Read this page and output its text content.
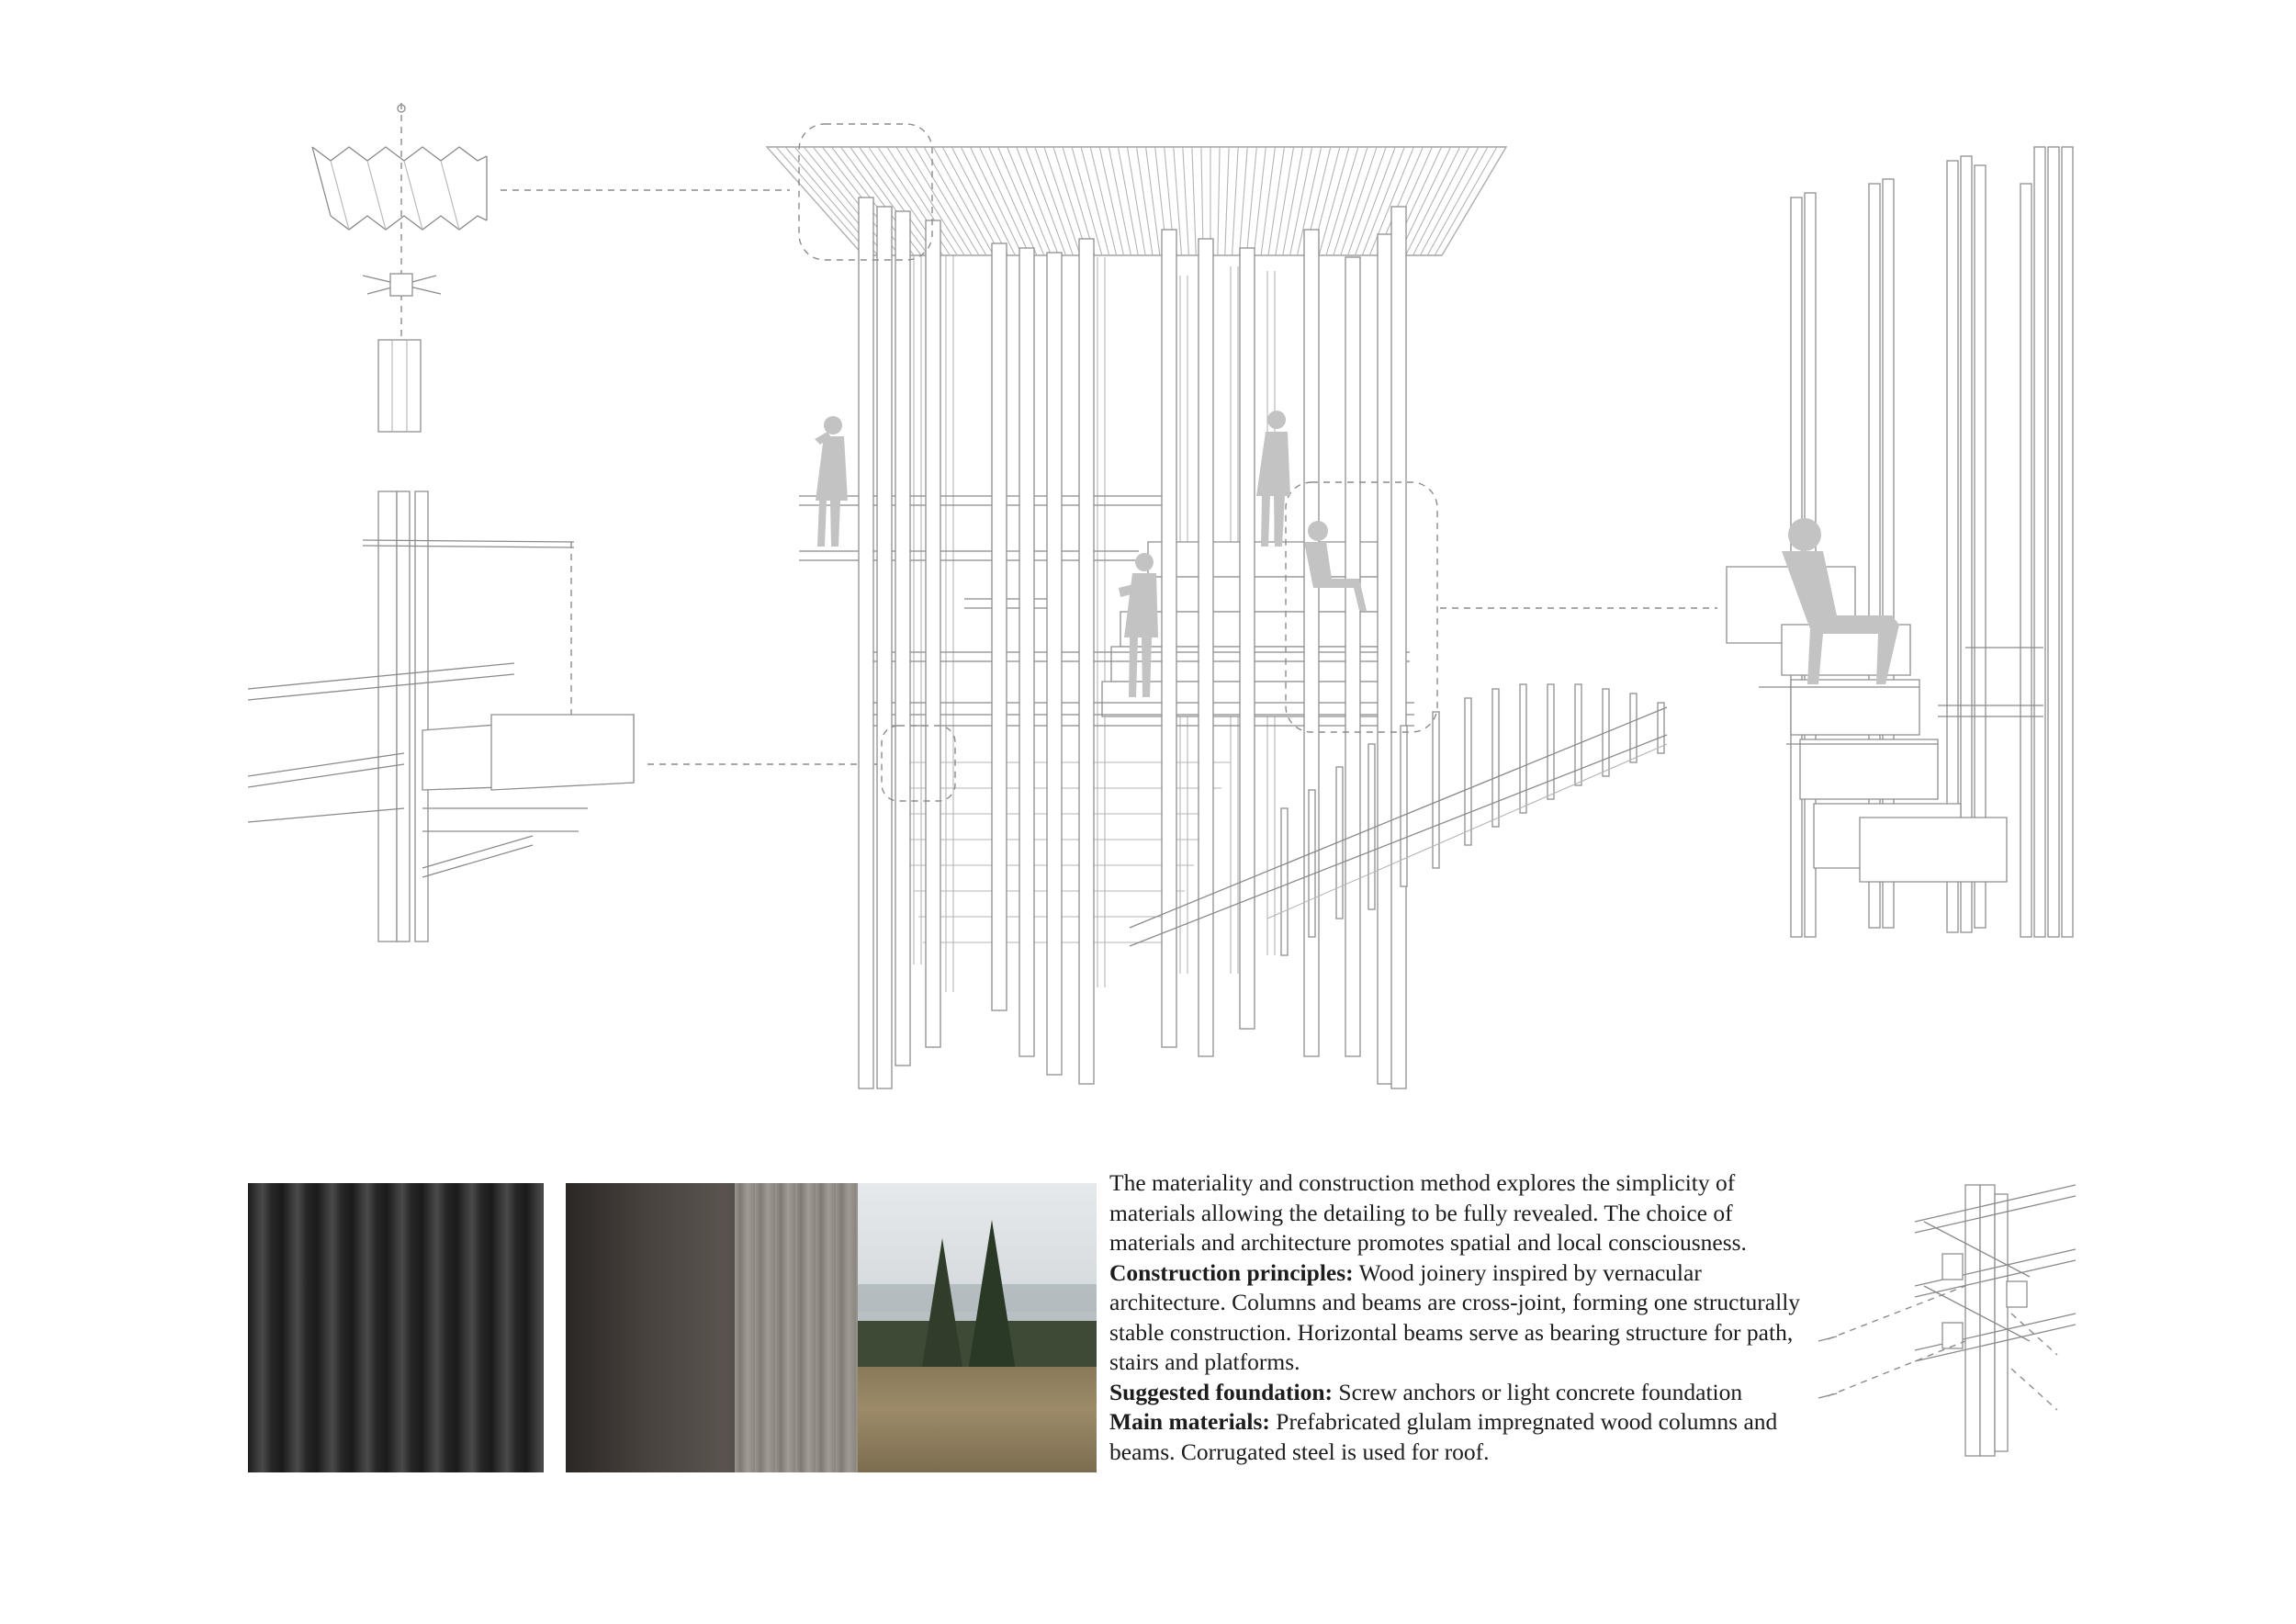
The materiality and construction method explores the simplicity of materials allowing the detailing to be fully revealed. The choice of materials and architecture promotes spatial and local consciousness.
Construction principles: Wood joinery inspired by vernacular architecture. Columns and beams are cross-joint, forming one structurally stable construction. Horizontal beams serve as bearing structure for path, stairs and platforms.
Suggested foundation: Screw anchors or light concrete foundation
Main materials: Prefabricated glulam impregnated wood columns and beams. Corrugated steel is used for roof.
